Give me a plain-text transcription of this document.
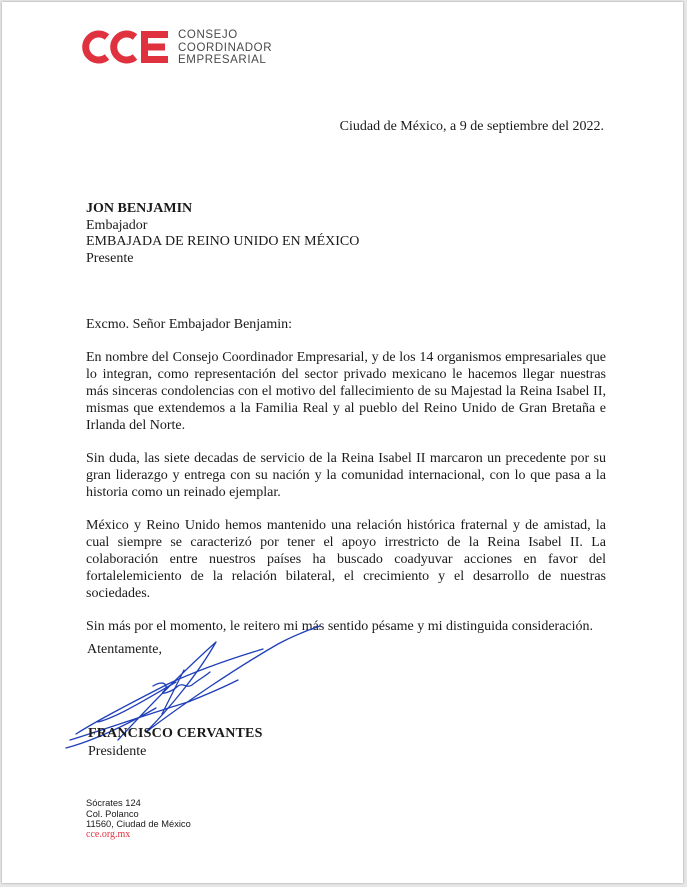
CONSEJO
COORDINADOR
EMPRESARIAL
Ciudad de México, a 9 de septiembre del 2022.
JON BENJAMIN
Embajador
EMBAJADA DE REINO UNIDO EN MÉXICO
Presente

Excmo. Señor Embajador Benjamin:

En nombre del Consejo Coordinador Empresarial, y de los 14 organismos empresariales que lo integran, como representación del sector privado mexicano le hacemos llegar nuestras más sinceras condolencias con el motivo del fallecimiento de su Majestad la Reina Isabel II, mismas que extendemos a la Familia Real y al pueblo del Reino Unido de Gran Bretaña e Irlanda del Norte.

Sin duda, las siete decadas de servicio de la Reina Isabel II marcaron un precedente por su gran liderazgo y entrega con su nación y la comunidad internacional, con lo que pasa a la historia como un reinado ejemplar.

México y Reino Unido hemos mantenido una relación histórica fraternal y de amistad, la cual siempre se caracterizó por tener el apoyo irrestricto de la Reina Isabel II. La colaboración entre nuestros países ha buscado coadyuvar acciones en favor del fortalelemiciento de la relación bilateral, el crecimiento y el desarrollo de nuestras sociedades.

Sin más por el momento, le reitero mi más sentido pésame y mi distinguida consideración.

Atentamente,
FRANCISCO CERVANTES
Presidente
Sócrates 124
Col. Polanco
11560, Ciudad de México
cce.org.mx
